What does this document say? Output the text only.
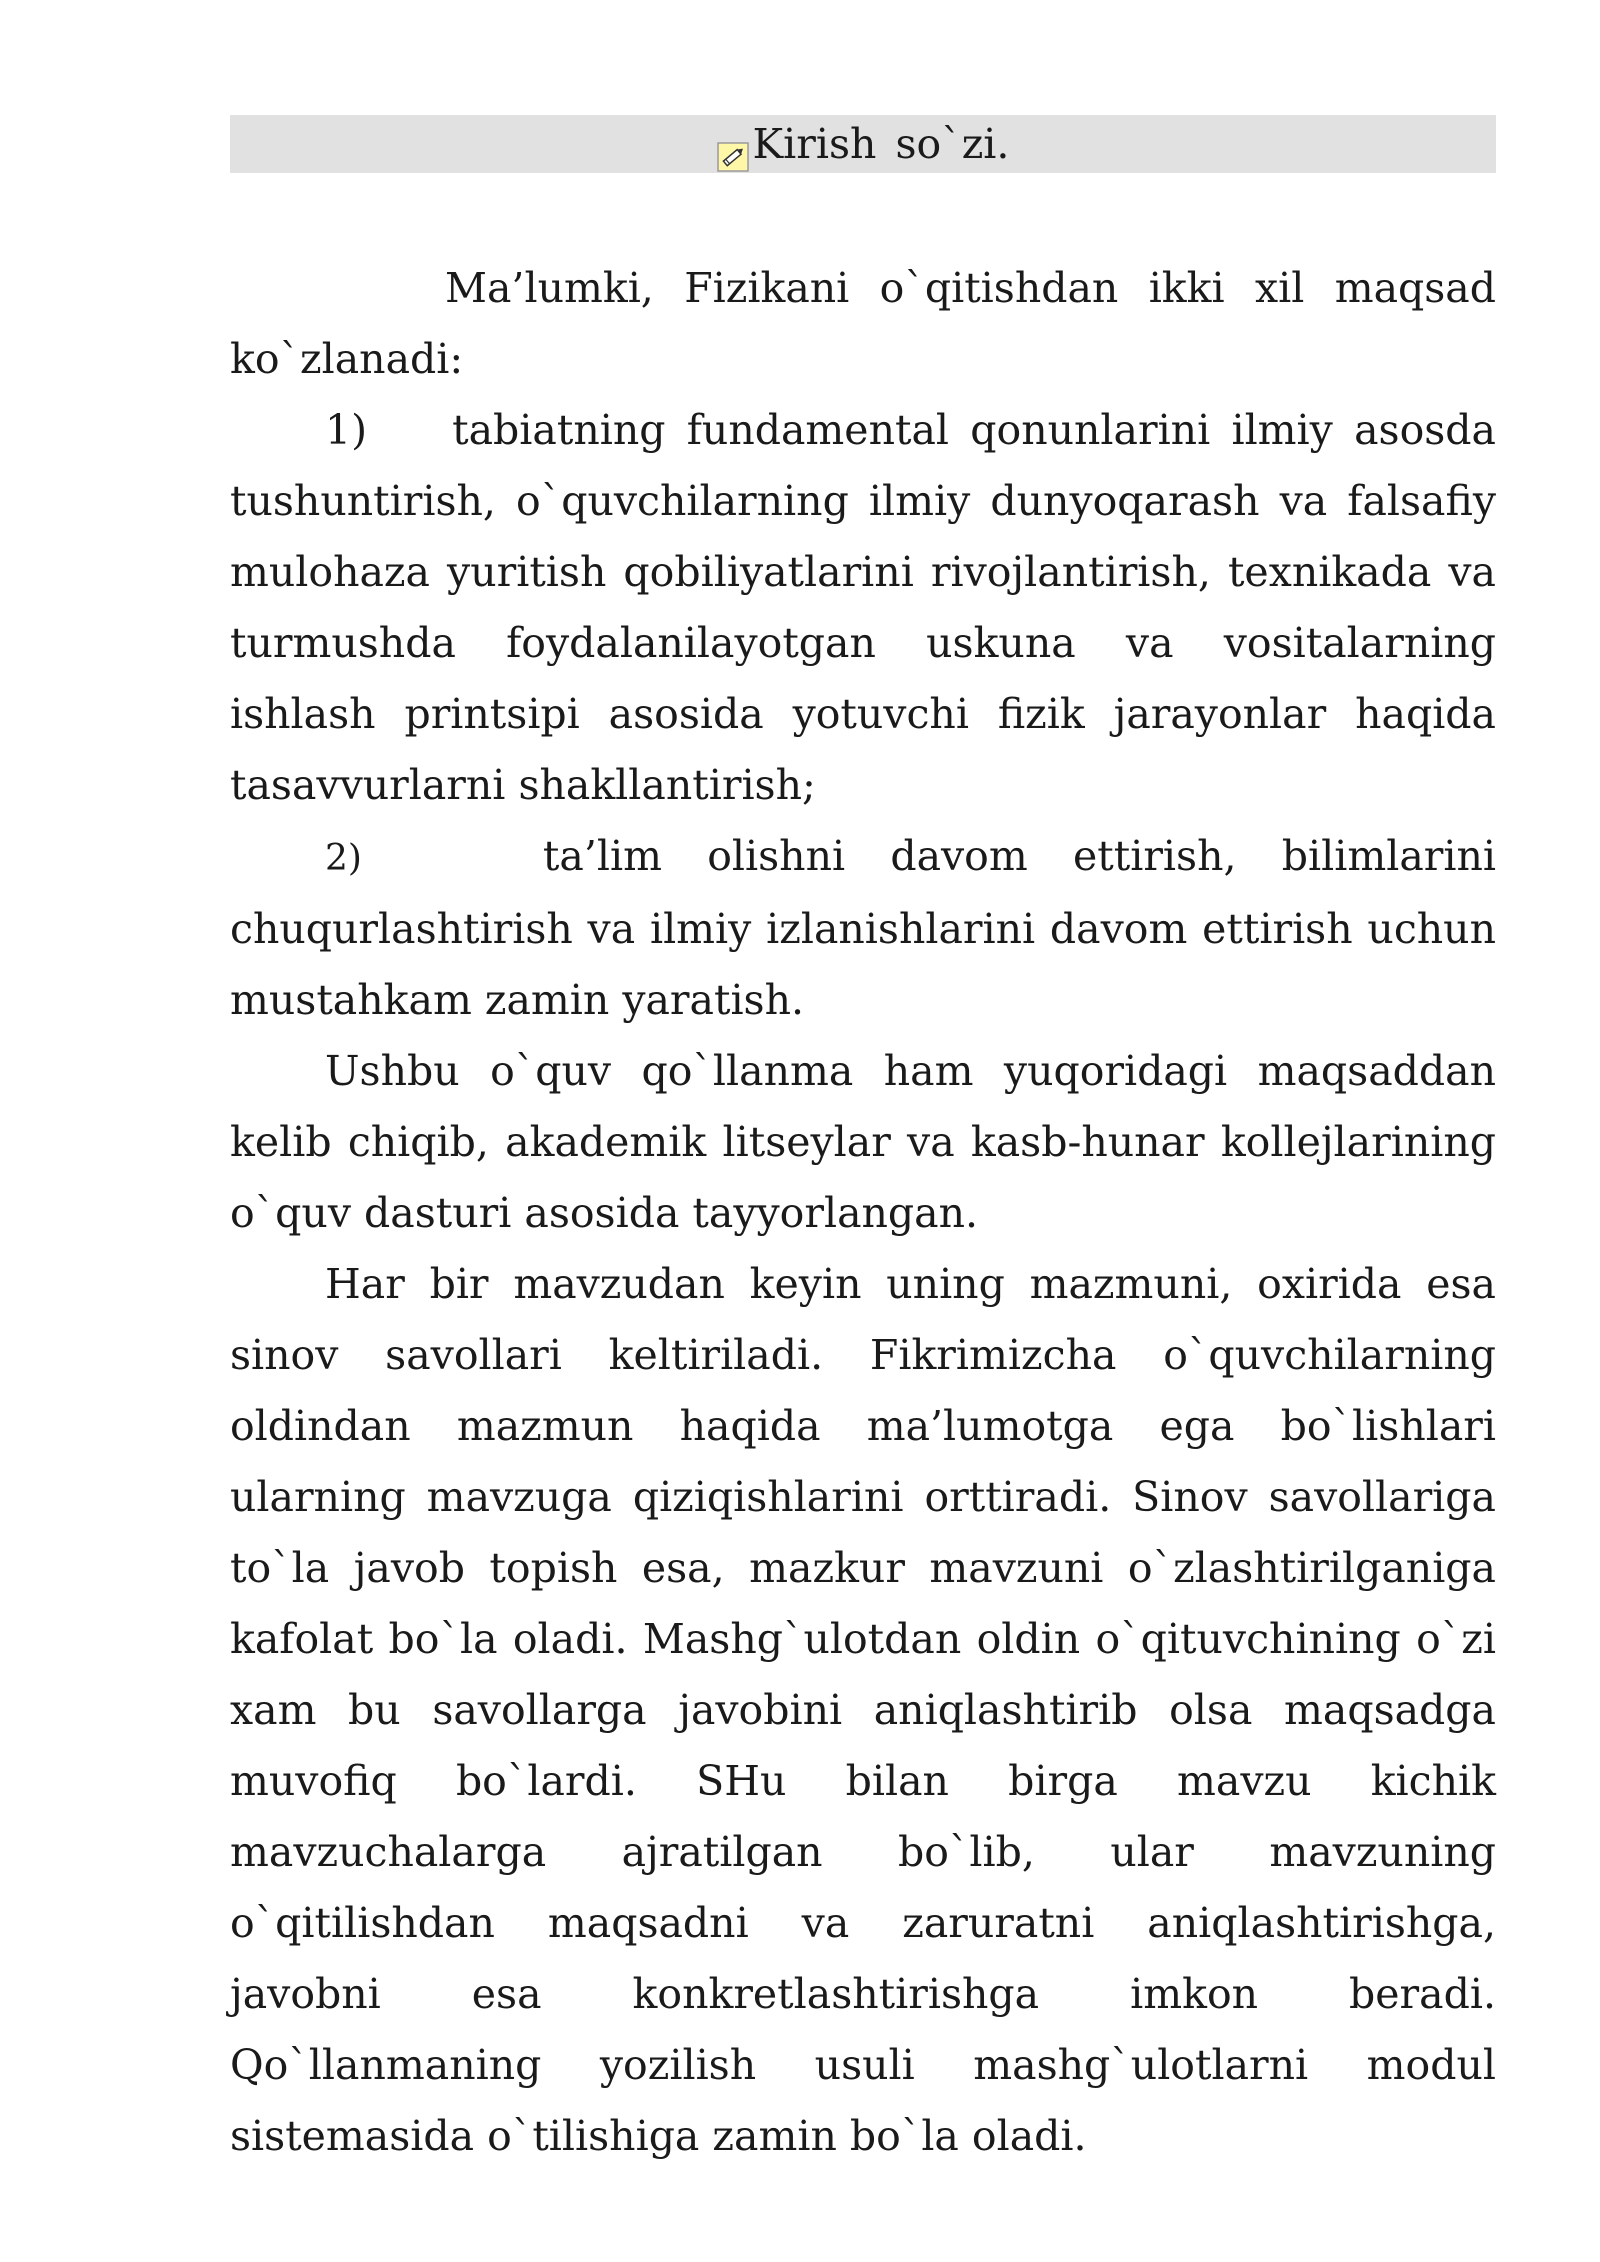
Kirish so`zi.

Ma’lumki, Fizikani o`qitishdan ikki xil maqsad ko`zlanadi:

1) tabiatning fundamental qonunlarini ilmiy asosda tushuntirish, o`quvchilarning ilmiy dunyoqarash va falsafiy mulohaza yuritish qobiliyatlarini rivojlantirish, texnikada va turmushda foydalanilayotgan uskuna va vositalarning ishlash printsipi asosida yotuvchi fizik jarayonlar haqida tasavvurlarni shakllantirish;

2)	ta’lim olishni davom ettirish, bilimlarini chuqurlashtirish va ilmiy izlanishlarini davom ettirish uchun mustahkam zamin yaratish.

Ushbu o`quv qo`llanma ham yuqoridagi maqsaddan kelib chiqib, akademik litseylar va kasb-hunar kollejlarining o`quv dasturi asosida tayyorlangan.

Har bir mavzudan keyin uning mazmuni, oxirida esa sinov savollari keltiriladi. Fikrimizcha o`quvchilarning oldindan mazmun haqida ma’lumotga ega bo`lishlari ularning mavzuga qiziqishlarini orttiradi. Sinov savollariga to`la javob topish esa, mazkur mavzuni o`zlashtirilganiga kafolat bo`la oladi. Mashg`ulotdan oldin o`qituvchining o`zi xam bu savollarga javobini aniqlashtirib olsa maqsadga muvofiq bo`lardi. SHu bilan birga mavzu kichik mavzuchalarga ajratilgan bo`lib, ular mavzuning o`qitilishdan maqsadni va zaruratni aniqlashtirishga, javobni esa konkretlashtirishga imkon beradi. Qo`llanmaning yozilish usuli mashg`ulotlarni modul sistemasida o`tilishiga zamin bo`la oladi.
